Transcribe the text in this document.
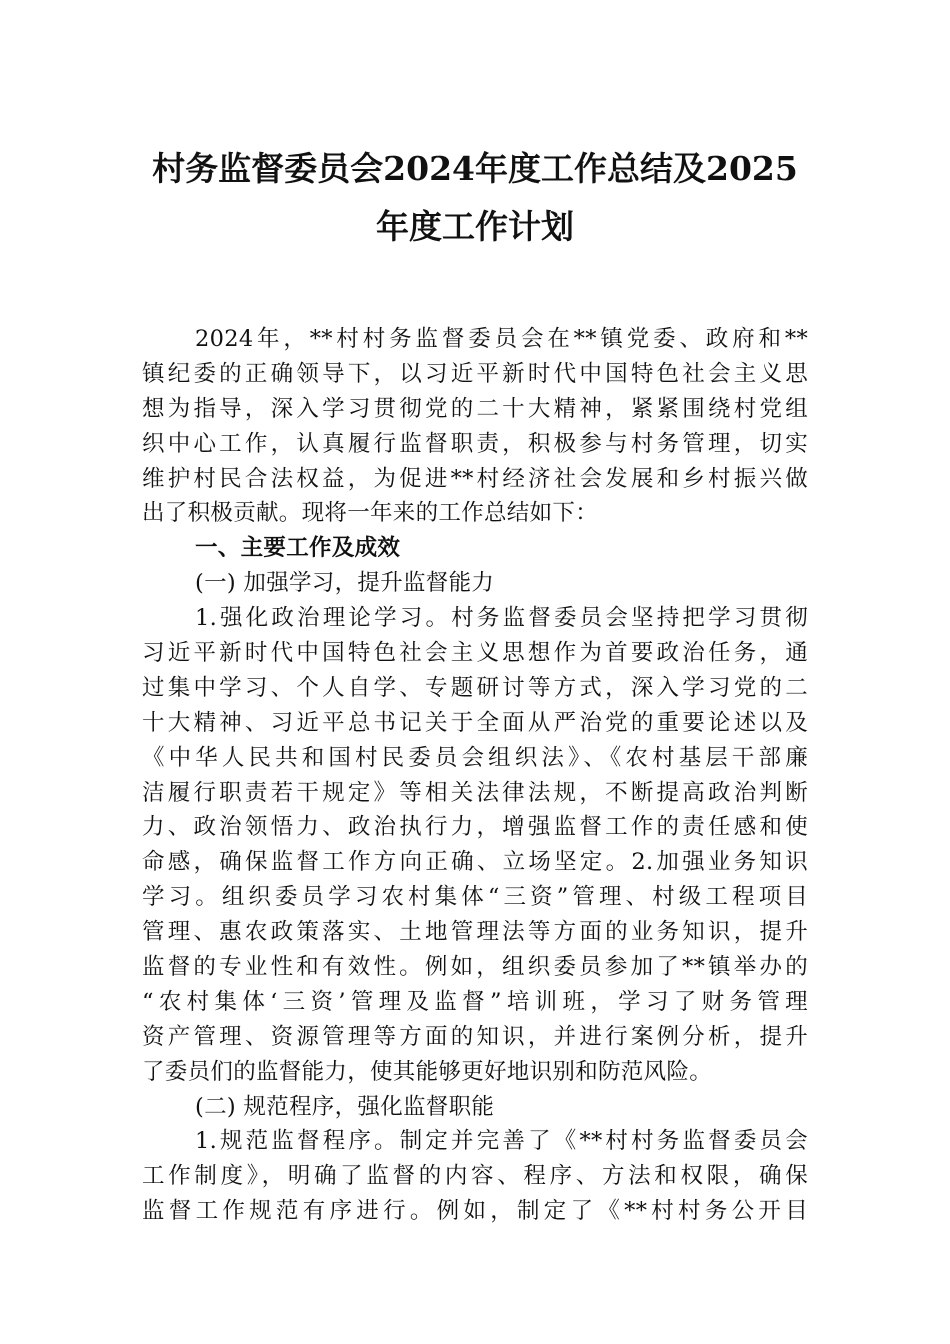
村务监督委员会2024年度工作总结及2025
年度工作计划
2024年，**村村务监督委员会在**镇党委、政府和**
镇纪委的正确领导下，以习近平新时代中国特色社会主义思
想为指导，深入学习贯彻党的二十大精神，紧紧围绕村党组
织中心工作，认真履行监督职责，积极参与村务管理，切实
维护村民合法权益，为促进**村经济社会发展和乡村振兴做
出了积极贡献。现将一年来的工作总结如下：
一、主要工作及成效
(一) 加强学习，提升监督能力
1.强化政治理论学习。村务监督委员会坚持把学习贯彻
习近平新时代中国特色社会主义思想作为首要政治任务，通
过集中学习、个人自学、专题研讨等方式，深入学习党的二
十大精神、习近平总书记关于全面从严治党的重要论述以及
《中华人民共和国村民委员会组织法》、《农村基层干部廉
洁履行职责若干规定》等相关法律法规，不断提高政治判断
力、政治领悟力、政治执行力，增强监督工作的责任感和使
命感，确保监督工作方向正确、立场坚定。2.加强业务知识
学习。组织委员学习农村集体“三资”管理、村级工程项目
管理、惠农政策落实、土地管理法等方面的业务知识，提升
监督的专业性和有效性。例如，组织委员参加了**镇举办的
“农村集体‘三资’管理及监督”培训班，学习了财务管理
资产管理、资源管理等方面的知识，并进行案例分析，提升
了委员们的监督能力，使其能够更好地识别和防范风险。
(二) 规范程序，强化监督职能
1.规范监督程序。制定并完善了《**村村务监督委员会
工作制度》，明确了监督的内容、程序、方法和权限，确保
监督工作规范有序进行。例如，制定了《**村村务公开目
